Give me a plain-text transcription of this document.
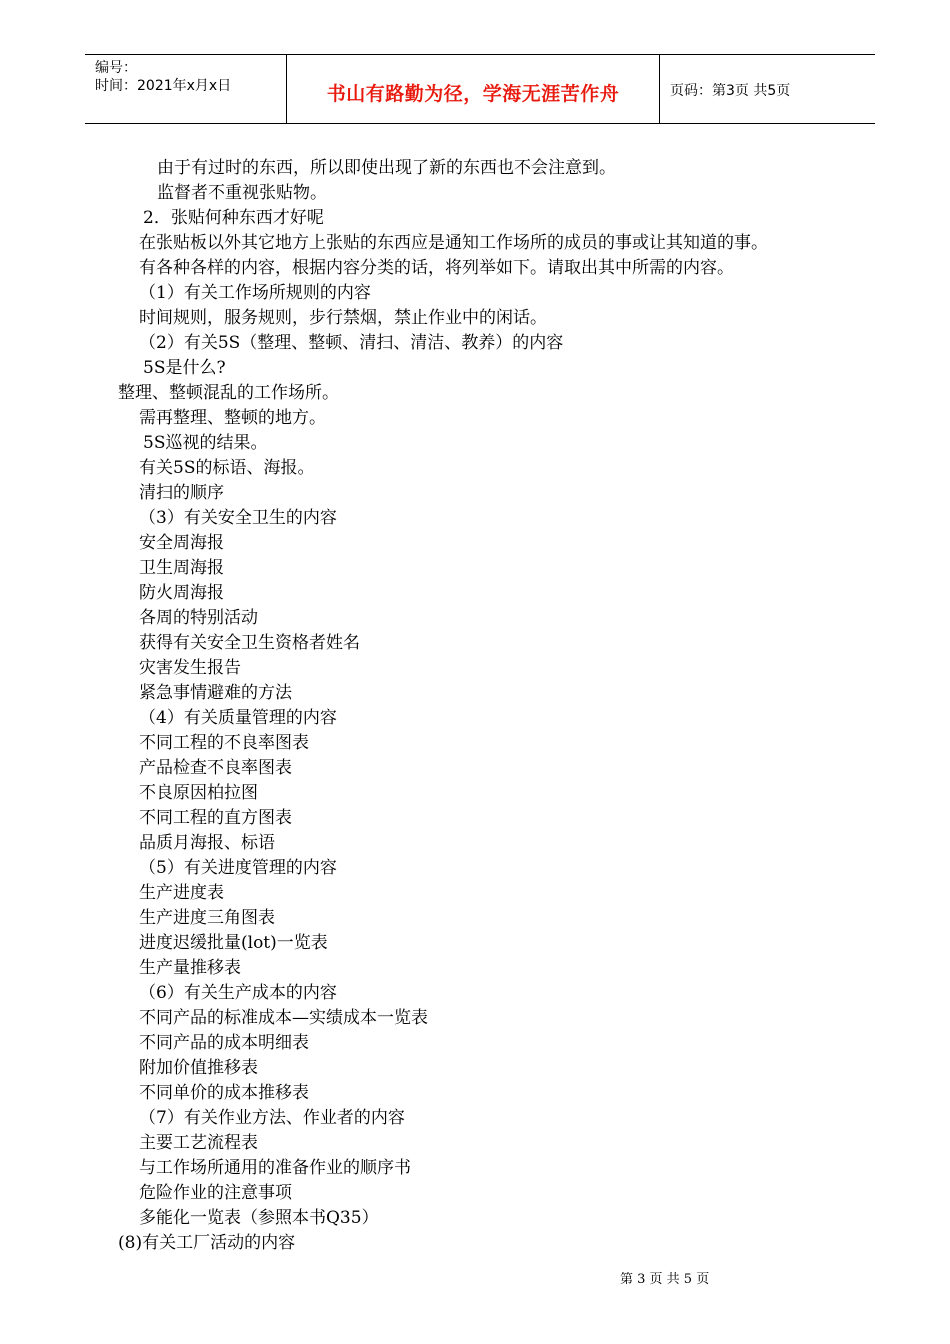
编号：
时间：2021年x月x日	书山有路勤为径，学海无涯苦作舟	页码：第3页 共5页
由于有过时的东西，所以即使出现了新的东西也不会注意到。
监督者不重视张贴物。
2．张贴何种东西才好呢
在张贴板以外其它地方上张贴的东西应是通知工作场所的成员的事或让其知道的事。
有各种各样的内容，根据内容分类的话，将列举如下。请取出其中所需的内容。
（1）有关工作场所规则的内容
时间规则，服务规则，步行禁烟，禁止作业中的闲话。
（2）有关5S（整理、整顿、清扫、清洁、教养）的内容
5S是什么?
整理、整顿混乱的工作场所。
需再整理、整顿的地方。
5S巡视的结果。
有关5S的标语、海报。
清扫的顺序
（3）有关安全卫生的内容
安全周海报
卫生周海报
防火周海报
各周的特别活动
获得有关安全卫生资格者姓名
灾害发生报告
紧急事情避难的方法
（4）有关质量管理的内容
不同工程的不良率图表
产品检查不良率图表
不良原因柏拉图
不同工程的直方图表
品质月海报、标语
（5）有关进度管理的内容
生产进度表
生产进度三角图表
进度迟缓批量(lot)一览表
生产量推移表
（6）有关生产成本的内容
不同产品的标准成本—实绩成本一览表
不同产品的成本明细表
附加价值推移表
不同单价的成本推移表
（7）有关作业方法、作业者的内容
主要工艺流程表
与工作场所通用的准备作业的顺序书
危险作业的注意事项
多能化一览表（参照本书Q35）
(8)有关工厂活动的内容
第 3 页 共 5 页
